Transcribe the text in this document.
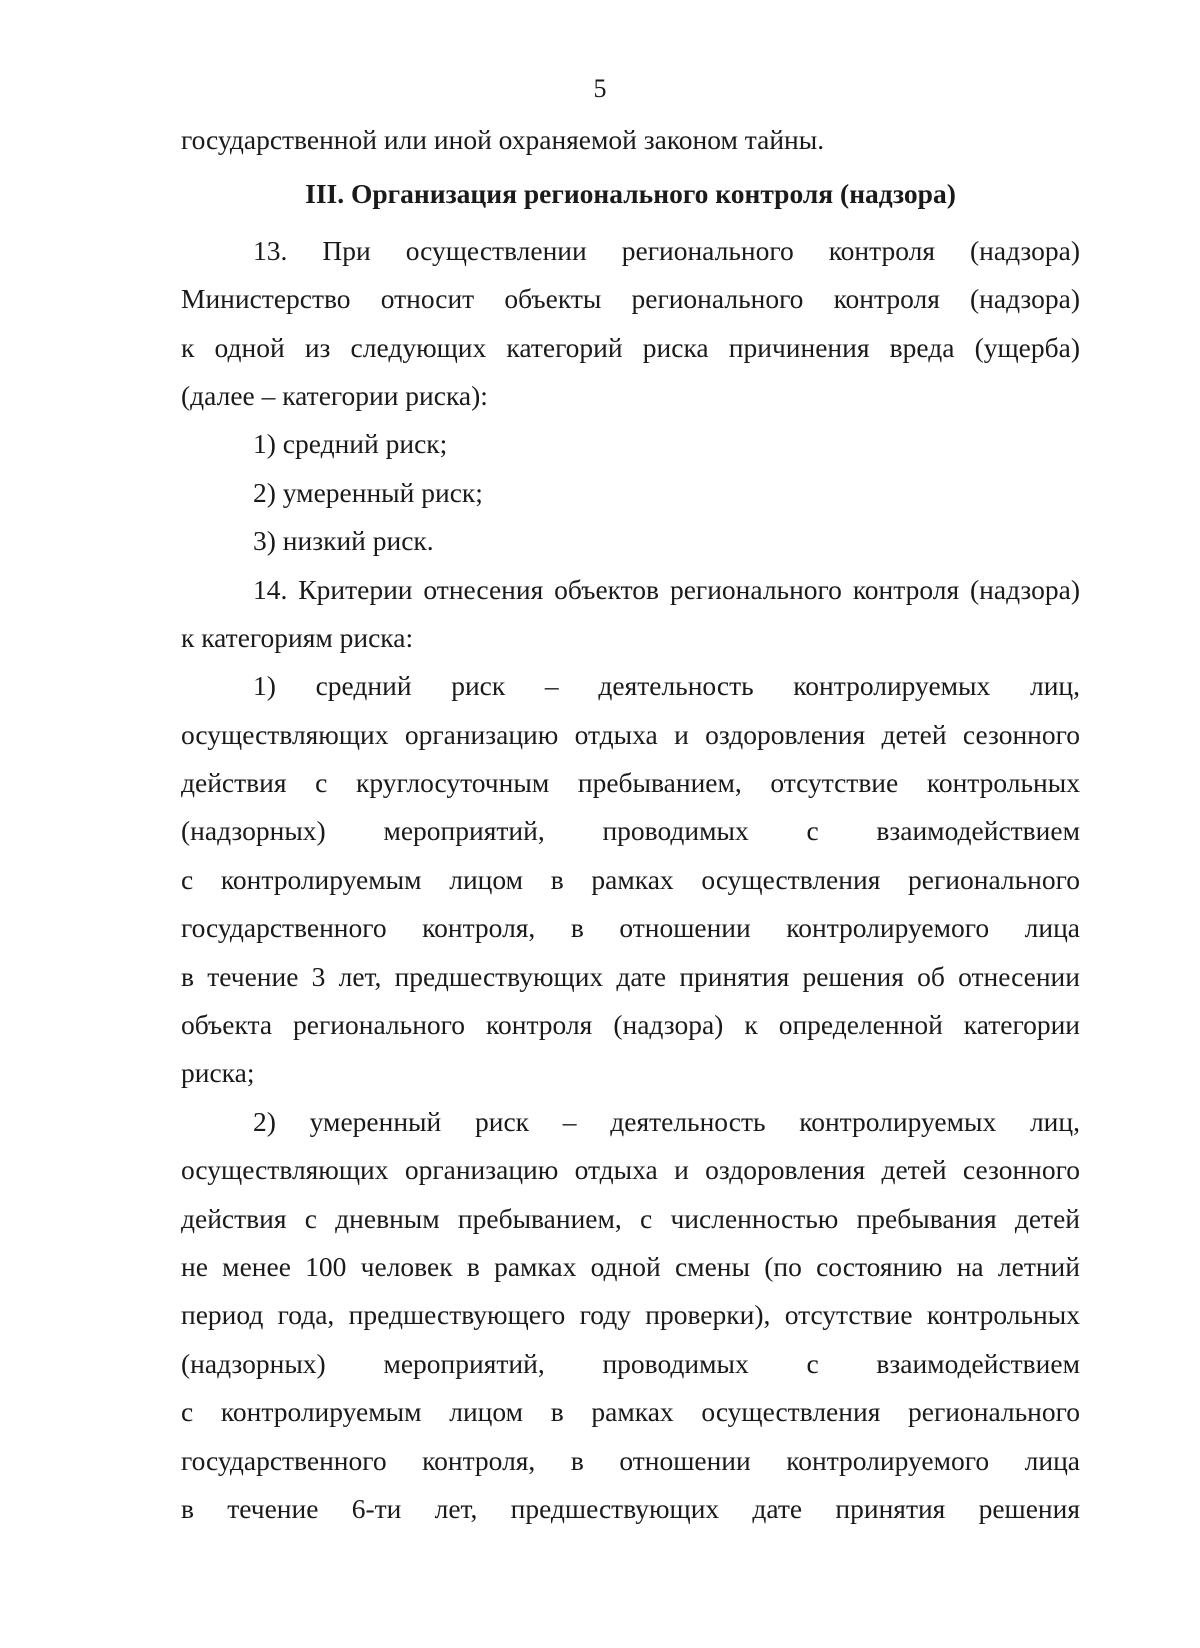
5
государственной или иной охраняемой законом тайны.
III. Организация регионального контроля (надзора)
13. При осуществлении регионального контроля (надзора)
Министерство относит объекты регионального контроля (надзора)
к одной из следующих категорий риска причинения вреда (ущерба)
(далее – категории риска):
1) средний риск;
2) умеренный риск;
3) низкий риск.
14. Критерии отнесения объектов регионального контроля (надзора)
к категориям риска:
1) средний риск – деятельность контролируемых лиц,
осуществляющих организацию отдыха и оздоровления детей сезонного
действия с круглосуточным пребыванием, отсутствие контрольных
(надзорных) мероприятий, проводимых с взаимодействием
с контролируемым лицом в рамках осуществления регионального
государственного контроля, в отношении контролируемого лица
в течение 3 лет, предшествующих дате принятия решения об отнесении
объекта регионального контроля (надзора) к определенной категории
риска;
2) умеренный риск – деятельность контролируемых лиц,
осуществляющих организацию отдыха и оздоровления детей сезонного
действия с дневным пребыванием, с численностью пребывания детей
не менее 100 человек в рамках одной смены (по состоянию на летний
период года, предшествующего году проверки), отсутствие контрольных
(надзорных) мероприятий, проводимых с взаимодействием
с контролируемым лицом в рамках осуществления регионального
государственного контроля, в отношении контролируемого лица
в течение 6-ти лет, предшествующих дате принятия решения
